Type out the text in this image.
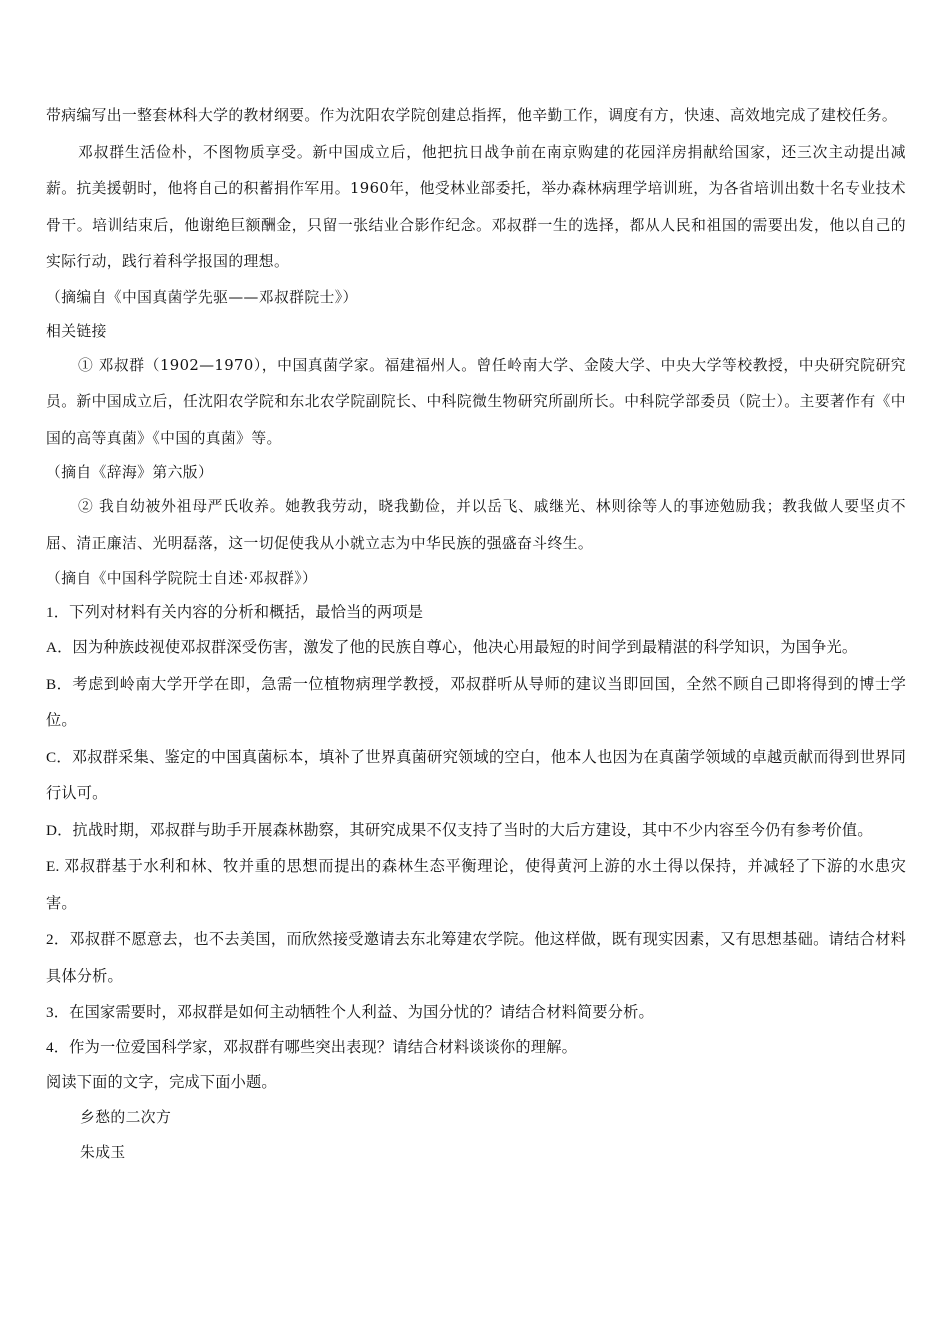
带病编写出一整套林科大学的教材纲要。作为沈阳农学院创建总指挥，他辛勤工作，调度有方，快速、高效地完成了建校任务。

邓叔群生活俭朴，不图物质享受。新中国成立后，他把抗日战争前在南京购建的花园洋房捐献给国家，还三次主动提出减薪。抗美援朝时，他将自己的积蓄捐作军用。1960年，他受林业部委托，举办森林病理学培训班，为各省培训出数十名专业技术骨干。培训结束后，他谢绝巨额酬金，只留一张结业合影作纪念。邓叔群一生的选择，都从人民和祖国的需要出发，他以自己的实际行动，践行着科学报国的理想。

（摘编自《中国真菌学先驱——邓叔群院士》）

相关链接

① 邓叔群（1902—1970），中国真菌学家。福建福州人。曾任岭南大学、金陵大学、中央大学等校教授，中央研究院研究员。新中国成立后，任沈阳农学院和东北农学院副院长、中科院微生物研究所副所长。中科院学部委员（院士）。主要著作有《中国的高等真菌》《中国的真菌》等。

（摘自《辞海》第六版）

② 我自幼被外祖母严氏收养。她教我劳动，晓我勤俭，并以岳飞、戚继光、林则徐等人的事迹勉励我；教我做人要坚贞不屈、清正廉洁、光明磊落，这一切促使我从小就立志为中华民族的强盛奋斗终生。

（摘自《中国科学院院士自述·邓叔群》）

1．下列对材料有关内容的分析和概括，最恰当的两项是

A．因为种族歧视使邓叔群深受伤害，激发了他的民族自尊心，他决心用最短的时间学到最精湛的科学知识，为国争光。

B．考虑到岭南大学开学在即，急需一位植物病理学教授，邓叔群听从导师的建议当即回国，全然不顾自己即将得到的博士学位。

C．邓叔群采集、鉴定的中国真菌标本，填补了世界真菌研究领域的空白，他本人也因为在真菌学领域的卓越贡献而得到世界同行认可。

D．抗战时期，邓叔群与助手开展森林勘察，其研究成果不仅支持了当时的大后方建设，其中不少内容至今仍有参考价值。

E. 邓叔群基于水利和林、牧并重的思想而提出的森林生态平衡理论，使得黄河上游的水土得以保持，并减轻了下游的水患灾害。

2．邓叔群不愿意去，也不去美国，而欣然接受邀请去东北筹建农学院。他这样做，既有现实因素，又有思想基础。请结合材料具体分析。

3．在国家需要时，邓叔群是如何主动牺牲个人利益、为国分忧的？请结合材料简要分析。

4．作为一位爱国科学家，邓叔群有哪些突出表现？请结合材料谈谈你的理解。

阅读下面的文字，完成下面小题。

乡愁的二次方

朱成玉
